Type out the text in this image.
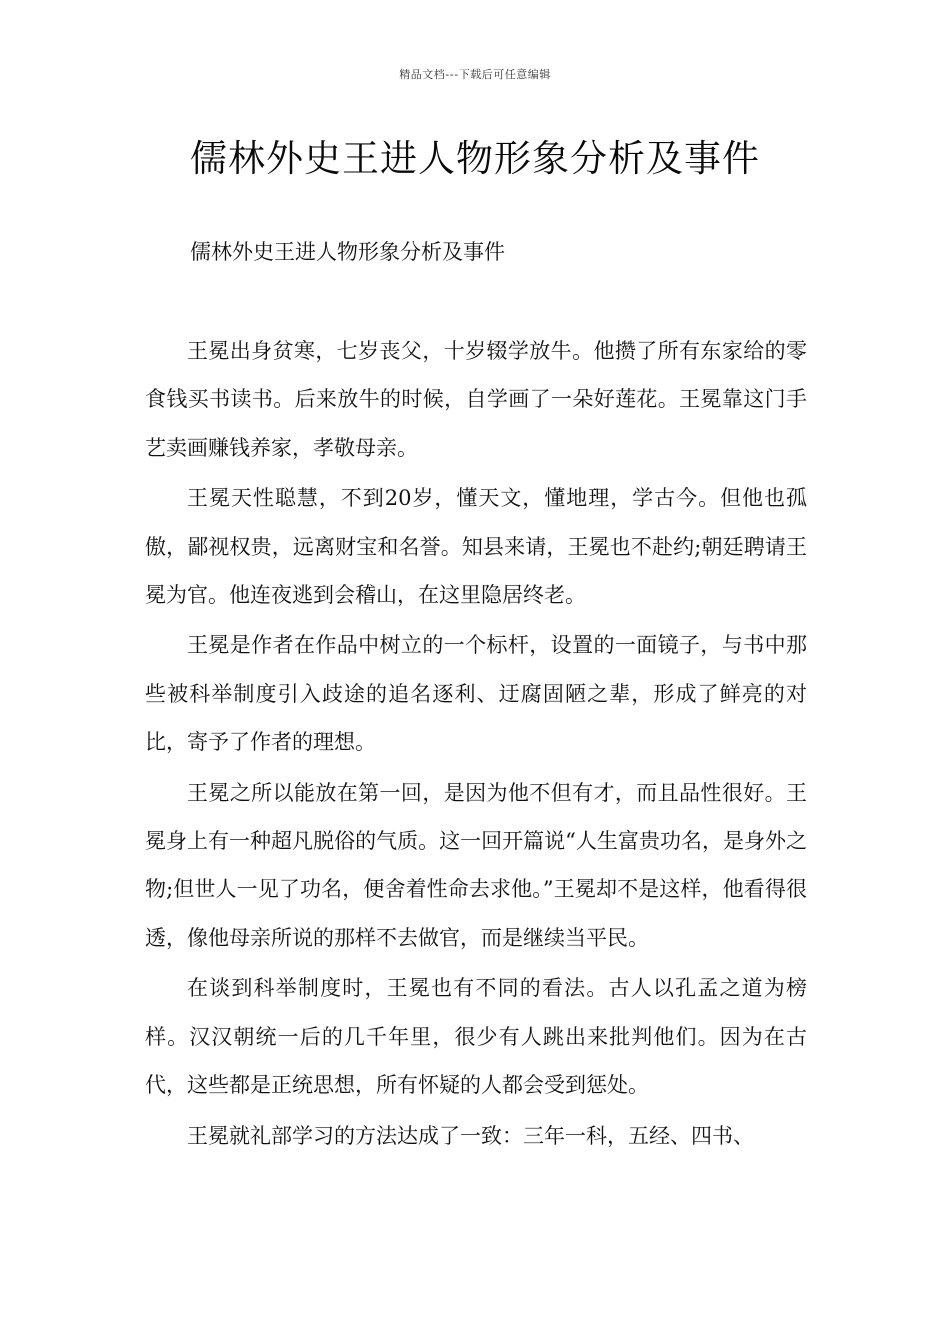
精品文档---下载后可任意编辑
儒林外史王进人物形象分析及事件

儒林外史王进人物形象分析及事件

王冕出身贫寒，七岁丧父，十岁辍学放牛。他攒了所有东家给的零食钱买书读书。后来放牛的时候，自学画了一朵好莲花。王冕靠这门手艺卖画赚钱养家，孝敬母亲。

王冕天性聪慧，不到20岁，懂天文，懂地理，学古今。但他也孤傲，鄙视权贵，远离财宝和名誉。知县来请，王冕也不赴约;朝廷聘请王冕为官。他连夜逃到会稽山，在这里隐居终老。

王冕是作者在作品中树立的一个标杆，设置的一面镜子，与书中那些被科举制度引入歧途的追名逐利、迂腐固陋之辈，形成了鲜亮的对比，寄予了作者的理想。

王冕之所以能放在第一回，是因为他不但有才，而且品性很好。王冕身上有一种超凡脱俗的气质。这一回开篇说“人生富贵功名，是身外之物;但世人一见了功名，便舍着性命去求他。”王冕却不是这样，他看得很透，像他母亲所说的那样不去做官，而是继续当平民。

在谈到科举制度时，王冕也有不同的看法。古人以孔孟之道为榜样。汉汉朝统一后的几千年里，很少有人跳出来批判他们。因为在古代，这些都是正统思想，所有怀疑的人都会受到惩处。

王冕就礼部学习的方法达成了一致：三年一科，五经、四书、
